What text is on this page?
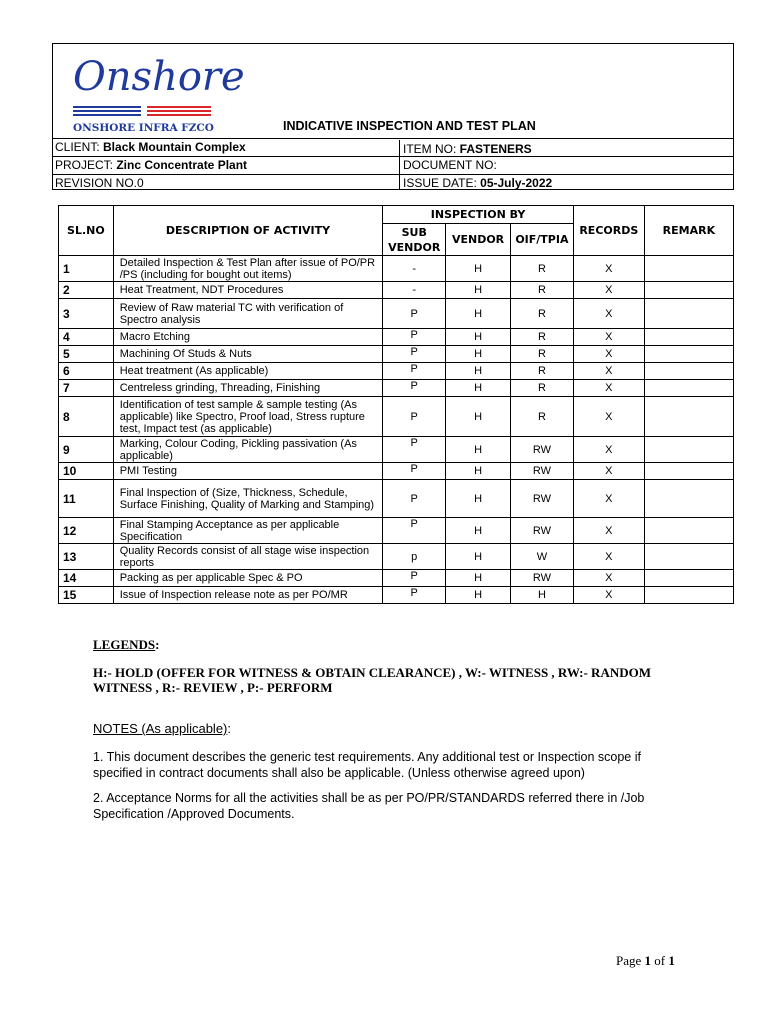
Onshore
ONSHORE INFRA FZCO	INDICATIVE INSPECTION AND TEST PLAN
CLIENT: Black Mountain Complex	ITEM NO: FASTENERS
PROJECT: Zinc Concentrate Plant	DOCUMENT NO:
REVISION NO.0	ISSUE DATE: 05-July-2022
SL.NO	DESCRIPTION OF ACTIVITY	INSPECTION BY			RECORDS	REMARK
		SUB VENDOR	VENDOR	OIF/TPIA		
1	Detailed Inspection & Test Plan after issue of PO/PR /PS (including for bought out items)	-	H	R	X	
2	Heat Treatment, NDT Procedures	-	H	R	X	
3	Review of Raw material TC with verification of Spectro analysis	P	H	R	X	
4	Macro Etching	P	H	R	X	
5	Machining Of Studs & Nuts	P	H	R	X	
6	Heat treatment (As applicable)	P	H	R	X	
7	Centreless grinding, Threading, Finishing	P	H	R	X	
8	Identification of test sample & sample testing (As applicable) like Spectro, Proof load, Stress rupture test, Impact test (as applicable)	P	H	R	X	
9	Marking, Colour Coding, Pickling passivation (As applicable)	P	H	RW	X	
10	PMI Testing	P	H	RW	X	
11	Final Inspection of (Size, Thickness, Schedule, Surface Finishing, Quality of Marking and Stamping)	P	H	RW	X	
12	Final Stamping Acceptance as per applicable Specification	P	H	RW	X	
13	Quality Records consist of all stage wise inspection reports	p	H	W	X	
14	Packing as per applicable Spec & PO	P	H	RW	X	
15	Issue of Inspection release note as per PO/MR	P	H	H	X	
LEGENDS:
H:- HOLD (OFFER FOR WITNESS & OBTAIN CLEARANCE) , W:- WITNESS , RW:- RANDOM WITNESS , R:- REVIEW , P:- PERFORM
NOTES (As applicable):
1. This document describes the generic test requirements. Any additional test or Inspection scope if specified in contract documents shall also be applicable. (Unless otherwise agreed upon)
2. Acceptance Norms for all the activities shall be as per PO/PR/STANDARDS referred there in /Job Specification /Approved Documents.
Page 1 of 1
